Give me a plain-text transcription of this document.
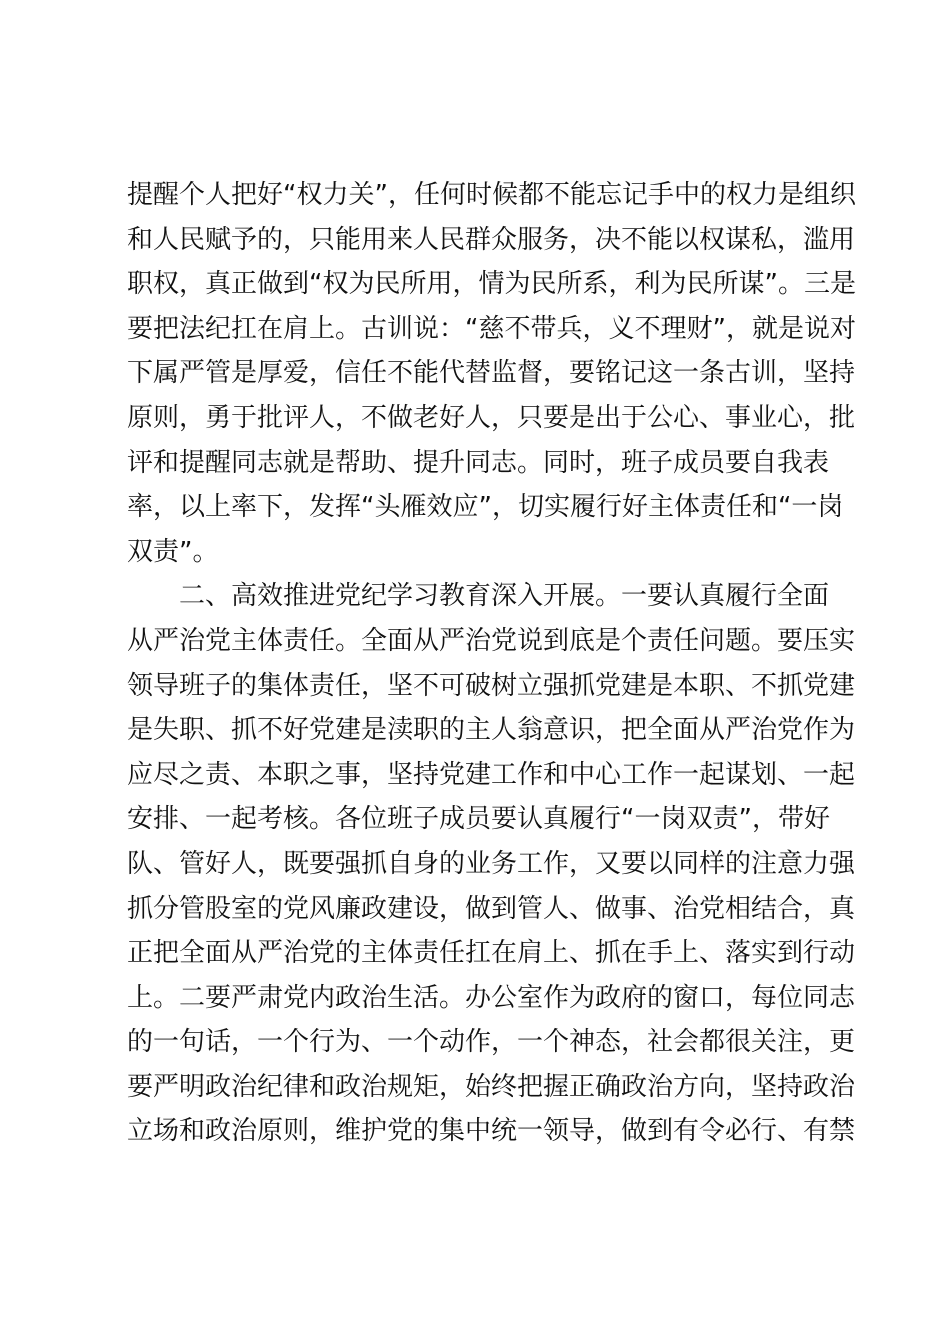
提醒个人把好“权力关”，任何时候都不能忘记手中的权力是组织
和人民赋予的，只能用来人民群众服务，决不能以权谋私，滥用
职权，真正做到“权为民所用，情为民所系，利为民所谋”。三是
要把法纪扛在肩上。古训说：“慈不带兵，义不理财”，就是说对
下属严管是厚爱，信任不能代替监督，要铭记这一条古训，坚持
原则，勇于批评人，不做老好人，只要是出于公心、事业心，批
评和提醒同志就是帮助、提升同志。同时，班子成员要自我表
率，以上率下，发挥“头雁效应”，切实履行好主体责任和“一岗
双责”。
二、高效推进党纪学习教育深入开展。一要认真履行全面
从严治党主体责任。全面从严治党说到底是个责任问题。要压实
领导班子的集体责任，坚不可破树立强抓党建是本职、不抓党建
是失职、抓不好党建是渎职的主人翁意识，把全面从严治党作为
应尽之责、本职之事，坚持党建工作和中心工作一起谋划、一起
安排、一起考核。各位班子成员要认真履行“一岗双责”，带好
队、管好人，既要强抓自身的业务工作，又要以同样的注意力强
抓分管股室的党风廉政建设，做到管人、做事、治党相结合，真
正把全面从严治党的主体责任扛在肩上、抓在手上、落实到行动
上。二要严肃党内政治生活。办公室作为政府的窗口，每位同志
的一句话，一个行为、一个动作，一个神态，社会都很关注，更
要严明政治纪律和政治规矩，始终把握正确政治方向，坚持政治
立场和政治原则，维护党的集中统一领导，做到有令必行、有禁
